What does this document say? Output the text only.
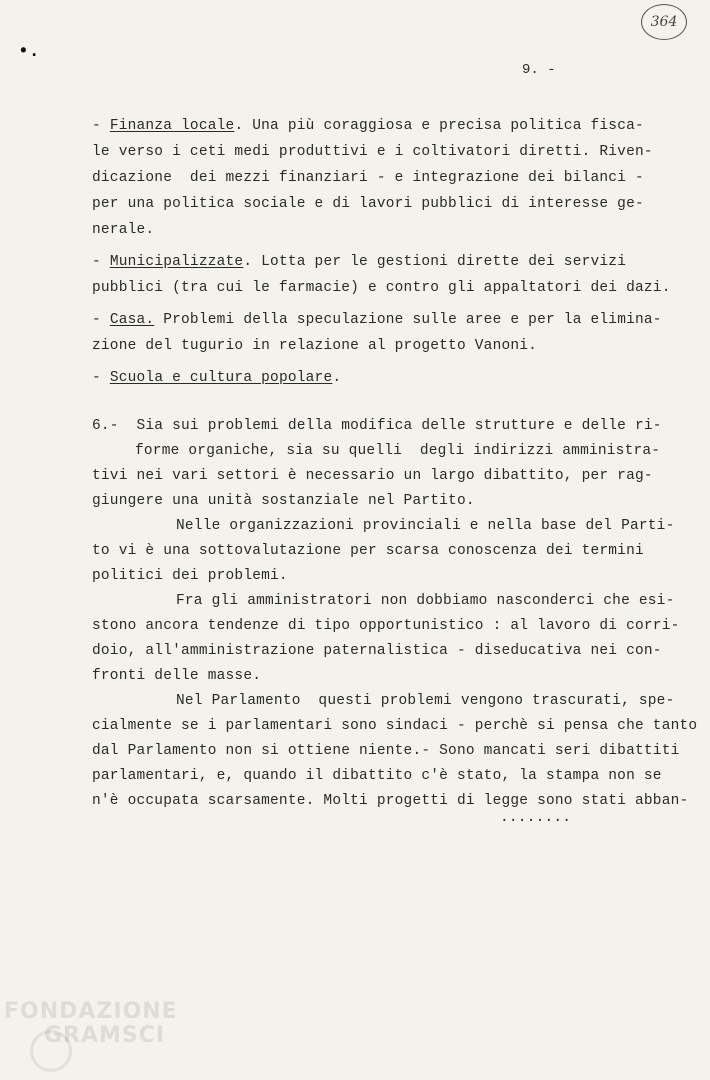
•.
364
9. -
- Finanza locale. Una più coraggiosa e precisa politica fisca-
le verso i ceti medi produttivi e i coltivatori diretti. Riven-
dicazione  dei mezzi finanziari - e integrazione dei bilanci -
per una politica sociale e di lavori pubblici di interesse ge-
nerale.
- Municipalizzate. Lotta per le gestioni dirette dei servizi
pubblici (tra cui le farmacie) e contro gli appaltatori dei dazi.
- Casa. Problemi della speculazione sulle aree e per la elimina-
zione del tugurio in relazione al progetto Vanoni.
- Scuola e cultura popolare.
6.-  Sia sui problemi della modifica delle strutture e delle ri-
forme organiche, sia su quelli  degli indirizzi amministra-
tivi nei vari settori è necessario un largo dibattito, per rag-
giungere una unità sostanziale nel Partito.
Nelle organizzazioni provinciali e nella base del Parti-
to vi è una sottovalutazione per scarsa conoscenza dei termini
politici dei problemi.
Fra gli amministratori non dobbiamo nasconderci che esi-
stono ancora tendenze di tipo opportunistico : al lavoro di corri-
doio, all'amministrazione paternalistica - diseducativa nei con-
fronti delle masse.
Nel Parlamento  questi problemi vengono trascurati, spe-
cialmente se i parlamentari sono sindaci - perchè si pensa che tanto
dal Parlamento non si ottiene niente.- Sono mancati seri dibattiti
parlamentari, e, quando il dibattito c'è stato, la stampa non se
n'è occupata scarsamente. Molti progetti di legge sono stati abban-
........
FONDAZIONE
GRAMSCI
